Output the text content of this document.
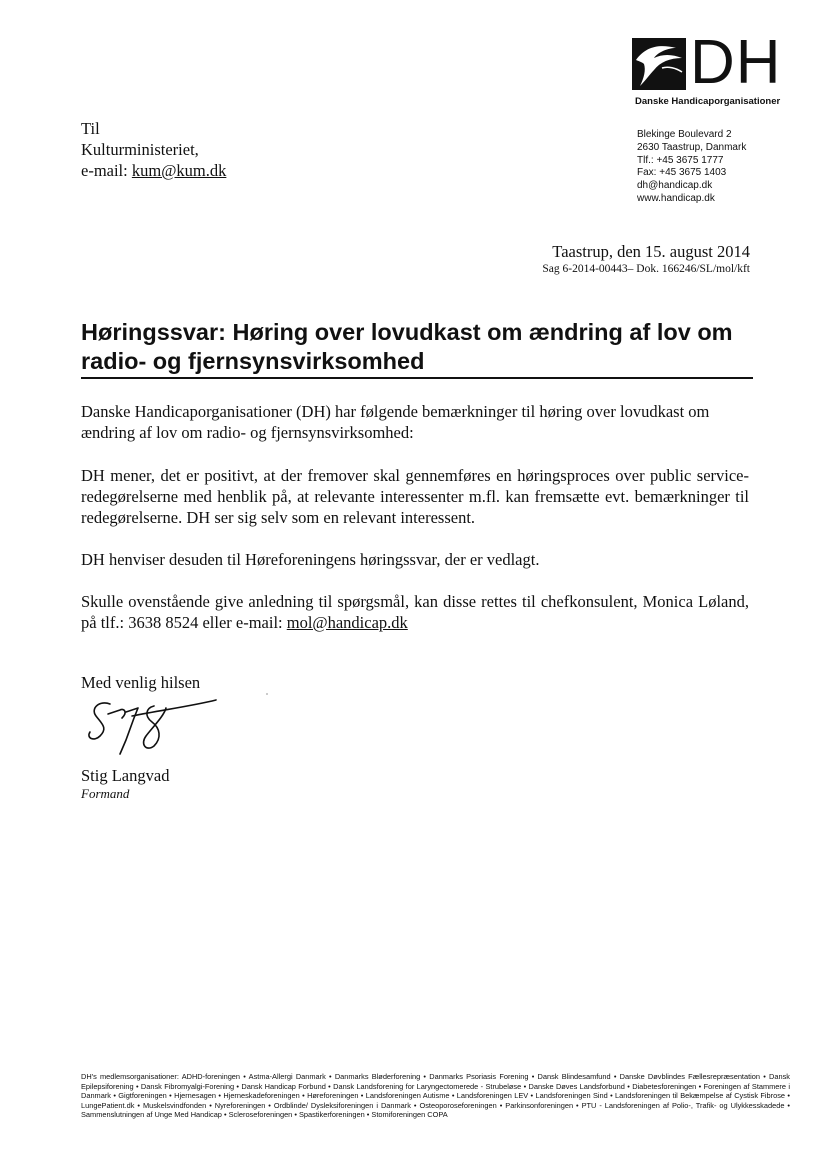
DH
Danske Handicaporganisationer
Til
Kulturministeriet,
e-mail: kum@kum.dk
Blekinge Boulevard 2
2630 Taastrup, Danmark
Tlf.: +45 3675 1777
Fax: +45 3675 1403
dh@handicap.dk
www.handicap.dk
Taastrup, den 15. august 2014
Sag 6-2014-00443– Dok. 166246/SL/mol/kft
Høringssvar: Høring over lovudkast om ændring af lov om radio- og fjernsynsvirksomhed

Danske Handicaporganisationer (DH) har følgende bemærkninger til høring over lovudkast om ændring af lov om radio- og fjernsynsvirksomhed:

DH mener, det er positivt, at der fremover skal gennemføres en høringsproces over public service-redegørelserne med henblik på, at relevante interessenter m.fl. kan fremsætte evt. bemærkninger til redegørelserne. DH ser sig selv som en relevant interessent.

DH henviser desuden til Høreforeningens høringssvar, der er vedlagt.

Skulle ovenstående give anledning til spørgsmål, kan disse rettes til chefkonsulent, Monica Løland, på tlf.: 3638 8524 eller e-mail: mol@handicap.dk

Med venlig hilsen
Stig Langvad
Formand

DH's medlemsorganisationer: ADHD-foreningen • Astma-Allergi Danmark • Danmarks Bløderforening • Danmarks Psoriasis Forening • Dansk Blindesamfund • Danske Døvblindes Fællesrepræsentation • Dansk Epilepsiforening • Dansk Fibromyalgi-Forening • Dansk Handicap Forbund • Dansk Landsforening for Laryngectomerede - Strubeløse • Danske Døves Landsforbund • Diabetesforeningen • Foreningen af Stammere i Danmark • Gigtforeningen • Hjernesagen • Hjerneskadeforeningen • Høreforeningen • Landsforeningen Autisme • Landsforeningen LEV • Landsforeningen Sind • Landsforeningen til Bekæmpelse af Cystisk Fibrose • LungePatient.dk • Muskelsvindfonden • Nyreforeningen • Ordblinde/ Dysleksiforeningen i Danmark • Osteoporoseforeningen • Parkinsonforeningen • PTU - Landsforeningen af Polio-, Trafik- og Ulykkesskadede • Sammenslutningen af Unge Med Handicap • Scleroseforeningen • Spastikerforeningen • Stomiforeningen COPA
